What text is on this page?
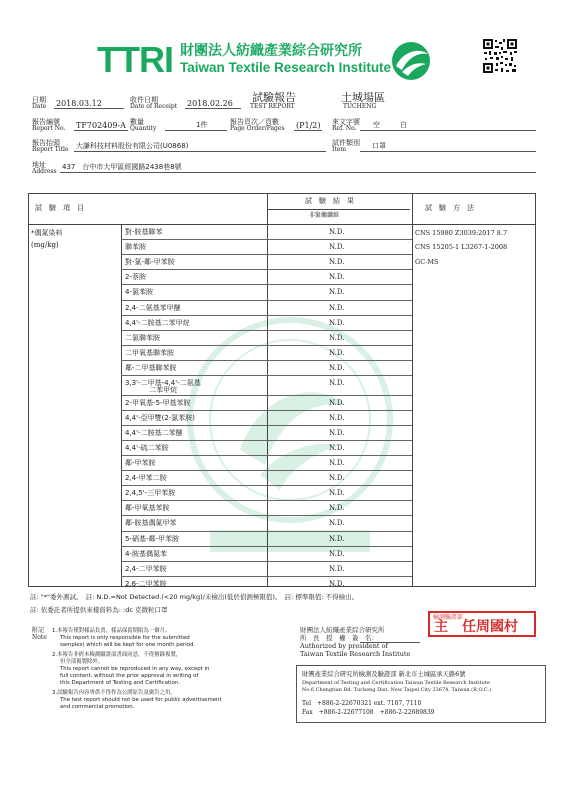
TTRI 財團法人紡織產業綜合研究所
Taiwan Textile Research Institute
日期
Date 2018.03.12	收件日期
Date of Receipt 2018.02.26 試驗報告
TEST REPORT
土城場區
TUCHENG
報告編號
Report No. TF702409-A 數量
Quantity	1件	報告頁次／頁數
Page Order/Pages (P1/2) 來文字號
Ref. No. 空	白
報告抬頭
Report Title 大謙科技材料股份有限公司(U0868)	試件類別
Item	口罩
地址
Address
437　台中市大甲區經國路2438巷8號
試　驗　項　目
試　驗　結　果
非緊觸纖維
試　驗　方　法
*偶氮染料
(mg/kg)
CNS 15980 Z3039:2017 8.7
CNS 15205-1 L3267-1-2008
GC-MS
對-胺基聯苯	N.D.
聯苯胺	N.D.
對-氯-鄰-甲苯胺	N.D.
2-萘胺	N.D.
4-氯苯胺	N.D.
2,4-二氨基苯甲醚	N.D.
4,4'-二胺基二苯甲烷	N.D.
二氯聯苯胺	N.D.
二甲氧基聯苯胺	N.D.
鄰-二甲基聯苯胺	N.D.
3,3'-二甲基-4,4'-二氨基
二苯甲烷
N.D.
2-甲氧基-5-甲基苯胺	N.D.
4,4'-亞甲雙(2-氯苯胺)	N.D.
4,4'-二胺基二苯醚	N.D.
4,4'-硫二苯胺	N.D.
鄰-甲苯胺	N.D.
2,4-甲苯二胺	N.D.
2,4,5'-三甲苯胺	N.D.
鄰-甲氧基苯胺	N.D.
鄰-胺基偶氮甲苯	N.D.
5-硝基-鄰-甲苯胺	N.D.
4-胺基偶氮苯	N.D.
2,4-二甲苯胺	N.D.
2,6-二甲苯胺	N.D.
註: "*"委外測試。　註: N.D.=Not Detected.(<20 mg/kg)/未檢出(低於偵測極限值)。　註: 標準限值: 不得檢出。
註: 依委託者所提供來樣資料為: :dc 克微粒口罩
附記
Note
1.本報告僅對樣品負責，樣品保留期限為一個月。
This report is only responsible for the submitted
samples) which will be kept for one month period.
2.本報告非經本檢測驗證部書面同意，不得擅錄複製，
但全部複製除外。
This report cannot be reproduced in any way, except in
full content, without the prior approval in writing of
this Department of Testing and Certification.
3.試驗報告內容專供不得作為公開原告及廣告之用。
The test report should not be used for public advertisement
and commercial promotion.
財團法人紡織產業綜合研究所
所　長　授　權　簽　名：
Authorized by president of
Taiwan Textile Research Institute
檢測驗證部
主　任周國村
財團產業綜合研究所檢測及驗證部 新北市土城區承天路6號
Department of Testing and Certification Taiwan Textile Research Institute
No.6 Chengtian Rd. Tucheng Dist. New Taipei City 23674, Taiwan (R.O.C.)
Tel　+886-2-22670321 ext. 7107, 7110
Fax　+886-2-22677108　+886-2-22689839
